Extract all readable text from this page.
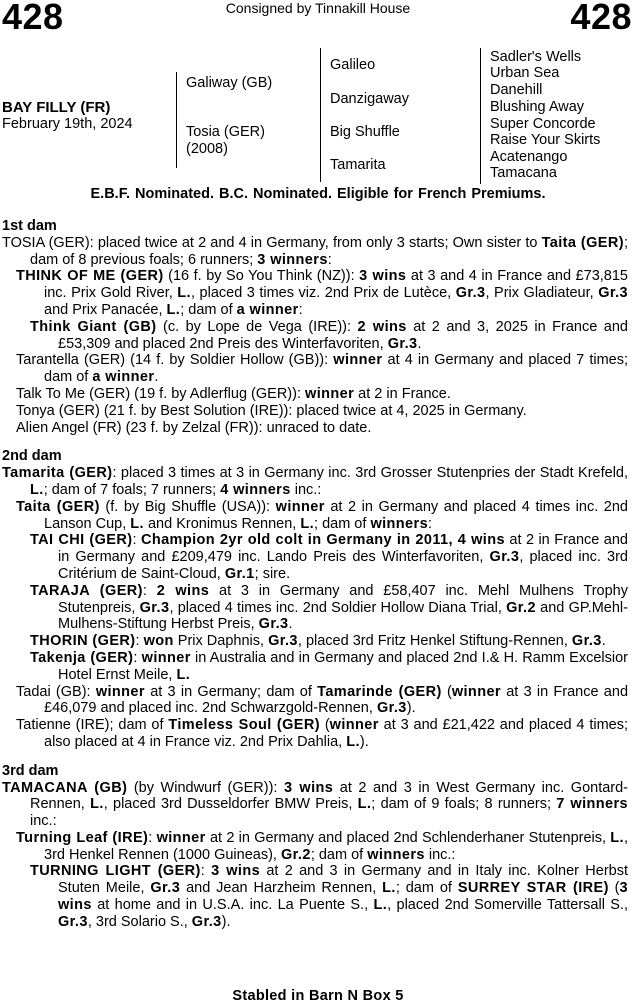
428	Consigned by Tinnakill House	428
BAY FILLY (FR)
February 19th, 2024
Galiway (GB)
Tosia (GER)
(2008)
Galileo
Danzigaway
Big Shuffle
Tamarita
Sadler's Wells
Urban Sea
Danehill
Blushing Away
Super Concorde
Raise Your Skirts
Acatenango
Tamacana
E.B.F. Nominated. B.C. Nominated. Eligible for French Premiums.
1st dam
TOSIA (GER): placed twice at 2 and 4 in Germany, from only 3 starts; Own sister to Taita (GER); dam of 8 previous foals; 6 runners; 3 winners:
THINK OF ME (GER) (16 f. by So You Think (NZ)): 3 wins at 3 and 4 in France and £73,815 inc. Prix Gold River, L., placed 3 times viz. 2nd Prix de Lutèce, Gr.3, Prix Gladiateur, Gr.3 and Prix Panacée, L.; dam of a winner:
Think Giant (GB) (c. by Lope de Vega (IRE)): 2 wins at 2 and 3, 2025 in France and £53,309 and placed 2nd Preis des Winterfavoriten, Gr.3.
Tarantella (GER) (14 f. by Soldier Hollow (GB)): winner at 4 in Germany and placed 7 times; dam of a winner.
Talk To Me (GER) (19 f. by Adlerflug (GER)): winner at 2 in France.
Tonya (GER) (21 f. by Best Solution (IRE)): placed twice at 4, 2025 in Germany.
Alien Angel (FR) (23 f. by Zelzal (FR)): unraced to date.
2nd dam
Tamarita (GER): placed 3 times at 3 in Germany inc. 3rd Grosser Stutenpries der Stadt Krefeld, L.; dam of 7 foals; 7 runners; 4 winners inc.:
Taita (GER) (f. by Big Shuffle (USA)): winner at 2 in Germany and placed 4 times inc. 2nd Lanson Cup, L. and Kronimus Rennen, L.; dam of winners:
TAI CHI (GER): Champion 2yr old colt in Germany in 2011, 4 wins at 2 in France and in Germany and £209,479 inc. Lando Preis des Winterfavoriten, Gr.3, placed inc. 3rd Critérium de Saint-Cloud, Gr.1; sire.
TARAJA (GER): 2 wins at 3 in Germany and £58,407 inc. Mehl Mulhens Trophy Stutenpreis, Gr.3, placed 4 times inc. 2nd Soldier Hollow Diana Trial, Gr.2 and GP.Mehl-Mulhens-Stiftung Herbst Preis, Gr.3.
THORIN (GER): won Prix Daphnis, Gr.3, placed 3rd Fritz Henkel Stiftung-Rennen, Gr.3.
Takenja (GER): winner in Australia and in Germany and placed 2nd I.& H. Ramm Excelsior Hotel Ernst Meile, L.
Tadai (GB): winner at 3 in Germany; dam of Tamarinde (GER) (winner at 3 in France and £46,079 and placed inc. 2nd Schwarzgold-Rennen, Gr.3).
Tatienne (IRE); dam of Timeless Soul (GER) (winner at 3 and £21,422 and placed 4 times; also placed at 4 in France viz. 2nd Prix Dahlia, L.).
3rd dam
TAMACANA (GB) (by Windwurf (GER)): 3 wins at 2 and 3 in West Germany inc. Gontard-Rennen, L., placed 3rd Dusseldorfer BMW Preis, L.; dam of 9 foals; 8 runners; 7 winners inc.:
Turning Leaf (IRE): winner at 2 in Germany and placed 2nd Schlenderhaner Stutenpreis, L., 3rd Henkel Rennen (1000 Guineas), Gr.2; dam of winners inc.:
TURNING LIGHT (GER): 3 wins at 2 and 3 in Germany and in Italy inc. Kolner Herbst Stuten Meile, Gr.3 and Jean Harzheim Rennen, L.; dam of SURREY STAR (IRE) (3 wins at home and in U.S.A. inc. La Puente S., L., placed 2nd Somerville Tattersall S., Gr.3, 3rd Solario S., Gr.3).
Stabled in Barn N Box 5
